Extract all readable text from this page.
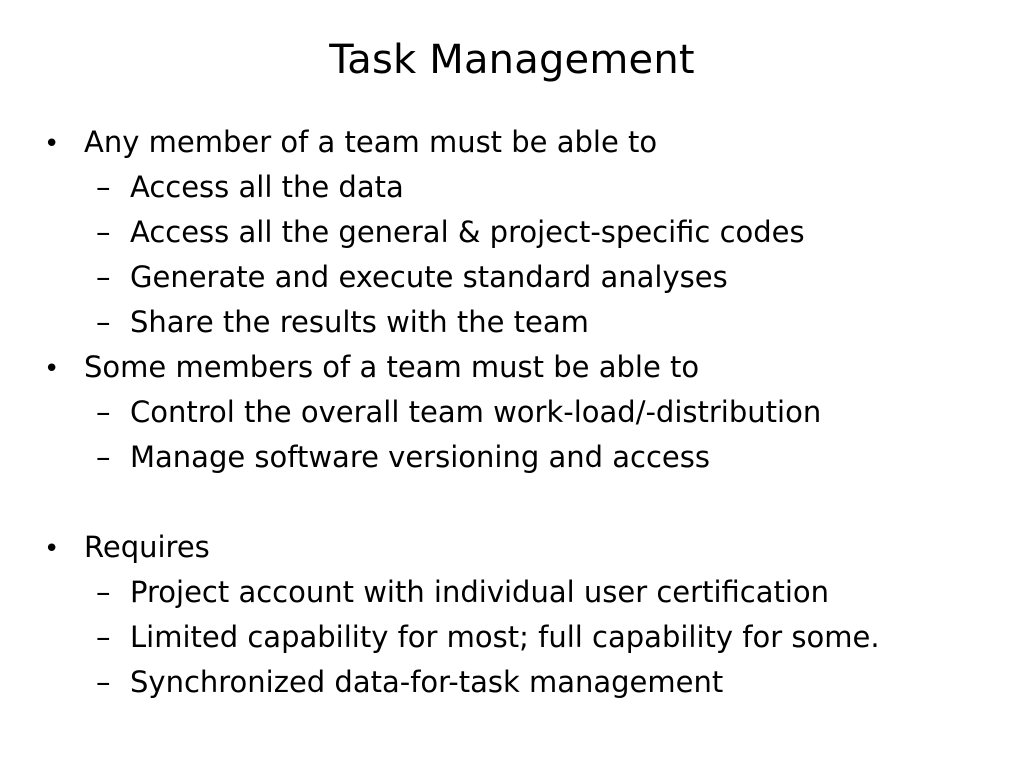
Task Management
• Any member of a team must be able to
– Access all the data
– Access all the general & project-specific codes
– Generate and execute standard analyses
– Share the results with the team
• Some members of a team must be able to
– Control the overall team work-load/-distribution
– Manage software versioning and access
• Requires
– Project account with individual user certification
– Limited capability for most; full capability for some.
– Synchronized data-for-task management
